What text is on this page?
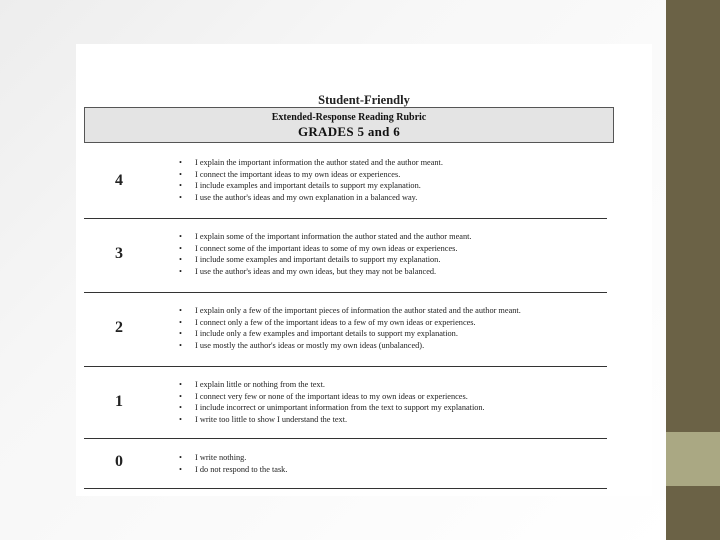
Student-Friendly
Extended-Response Reading Rubric
GRADES 5 and 6
4
• I explain the important information the author stated and the author meant.
• I connect the important ideas to my own ideas or experiences.
• I include examples and important details to support my explanation.
• I use the author's ideas and my own explanation in a balanced way.
3
• I explain some of the important information the author stated and the author meant.
• I connect some of the important ideas to some of my own ideas or experiences.
• I include some examples and important details to support my explanation.
• I use the author's ideas and my own ideas, but they may not be balanced.
2
• I explain only a few of the important pieces of information the author stated and the author meant.
• I connect only a few of the important ideas to a few of my own ideas or experiences.
• I include only a few examples and important details to support my explanation.
• I use mostly the author's ideas or mostly my own ideas (unbalanced).
1
• I explain little or nothing from the text.
• I connect very few or none of the important ideas to my own ideas or experiences.
• I include incorrect or unimportant information from the text to support my explanation.
• I write too little to show I understand the text.
0
•	I write nothing.
• I do not respond to the task.
